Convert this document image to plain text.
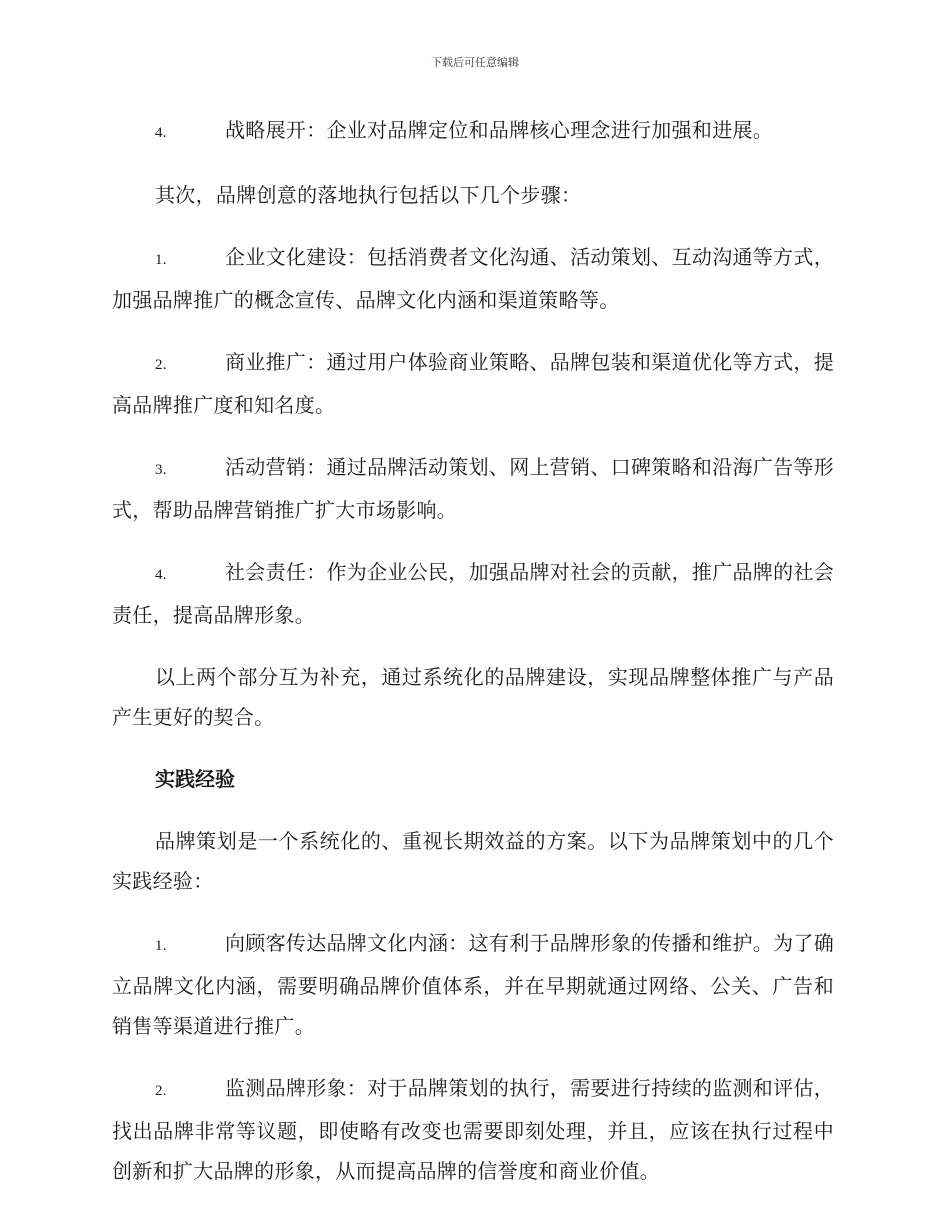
下载后可任意编辑
4.	战略展开：企业对品牌定位和品牌核心理念进行加强和进展。
其次，品牌创意的落地执行包括以下几个步骤：
1.	企业文化建设：包括消费者文化沟通、活动策划、互动沟通等方式，加强品牌推广的概念宣传、品牌文化内涵和渠道策略等。
2.	商业推广：通过用户体验商业策略、品牌包装和渠道优化等方式，提高品牌推广度和知名度。
3.	活动营销：通过品牌活动策划、网上营销、口碑策略和沿海广告等形式，帮助品牌营销推广扩大市场影响。
4.	社会责任：作为企业公民，加强品牌对社会的贡献，推广品牌的社会责任，提高品牌形象。
以上两个部分互为补充，通过系统化的品牌建设，实现品牌整体推广与产品产生更好的契合。
实践经验
品牌策划是一个系统化的、重视长期效益的方案。以下为品牌策划中的几个实践经验：
1.	向顾客传达品牌文化内涵：这有利于品牌形象的传播和维护。为了确立品牌文化内涵，需要明确品牌价值体系，并在早期就通过网络、公关、广告和销售等渠道进行推广。
2.	监测品牌形象：对于品牌策划的执行，需要进行持续的监测和评估，找出品牌非常等议题，即使略有改变也需要即刻处理，并且，应该在执行过程中创新和扩大品牌的形象，从而提高品牌的信誉度和商业价值。
